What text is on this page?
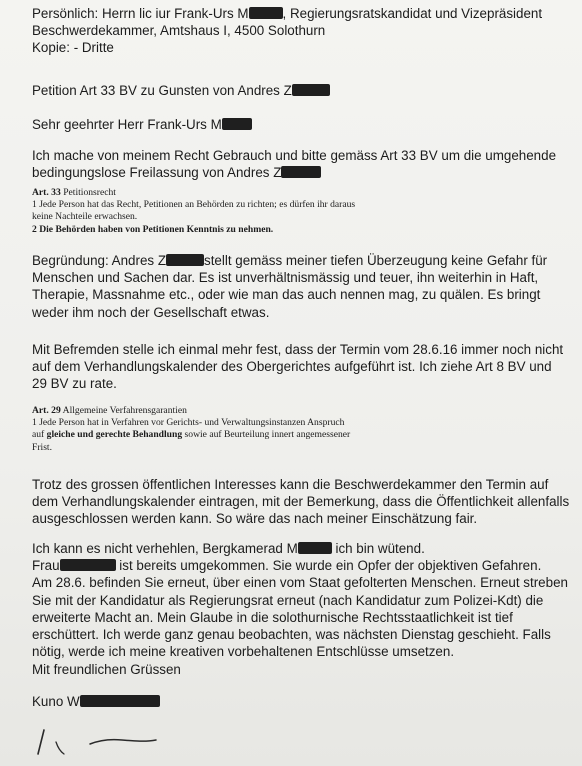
Persönlich: Herrn lic iur Frank-Urs M	, Regierungsratskandidat und Vizepräsident
Beschwerdekammer, Amtshaus I, 4500 Solothurn
Kopie: - Dritte

Petition Art 33 BV zu Gunsten von Andres Z

Sehr geehrter Herr Frank-Urs M

Ich mache von meinem Recht Gebrauch und bitte gemäss Art 33 BV um die umgehende
bedingungslose Freilassung von Andres Z
Art. 33 Petitionsrecht
1 Jede Person hat das Recht, Petitionen an Behörden zu richten; es dürfen ihr daraus
keine Nachteile erwachsen.
2 Die Behörden haben von Petitionen Kenntnis zu nehmen.
Begründung: Andres Z	stellt gemäss meiner tiefen Überzeugung keine Gefahr für
Menschen und Sachen dar. Es ist unverhältnismässig und teuer, ihn weiterhin in Haft,
Therapie, Massnahme etc., oder wie man das auch nennen mag, zu quälen. Es bringt
weder ihm noch der Gesellschaft etwas.
Mit Befremden stelle ich einmal mehr fest, dass der Termin vom 28.6.16 immer noch nicht
auf dem Verhandlungskalender des Obergerichtes aufgeführt ist. Ich ziehe Art 8 BV und
29 BV zu rate.
Art. 29 Allgemeine Verfahrensgarantien
1 Jede Person hat in Verfahren vor Gerichts- und Verwaltungsinstanzen Anspruch
auf gleiche und gerechte Behandlung sowie auf Beurteilung innert angemessener
Frist.
Trotz des grossen öffentlichen Interesses kann die Beschwerdekammer den Termin auf
dem Verhandlungskalender eintragen, mit der Bemerkung, dass die Öffentlichkeit allenfalls
ausgeschlossen werden kann. So wäre das nach meiner Einschätzung fair.
Ich kann es nicht verhehlen, Bergkamerad M	ich bin wütend.
Frau	ist bereits umgekommen. Sie wurde ein Opfer der objektiven Gefahren.
Am 28.6. befinden Sie erneut, über einen vom Staat gefolterten Menschen. Erneut streben
Sie mit der Kandidatur als Regierungsrat erneut (nach Kandidatur zum Polizei-Kdt) die
erweiterte Macht an. Mein Glaube in die solothurnische Rechtsstaatlichkeit ist tief
erschüttert. Ich werde ganz genau beobachten, was nächsten Dienstag geschieht. Falls
nötig, werde ich meine kreativen vorbehaltenen Entschlüsse umsetzen.

Mit freundlichen Grüssen

Kuno W
